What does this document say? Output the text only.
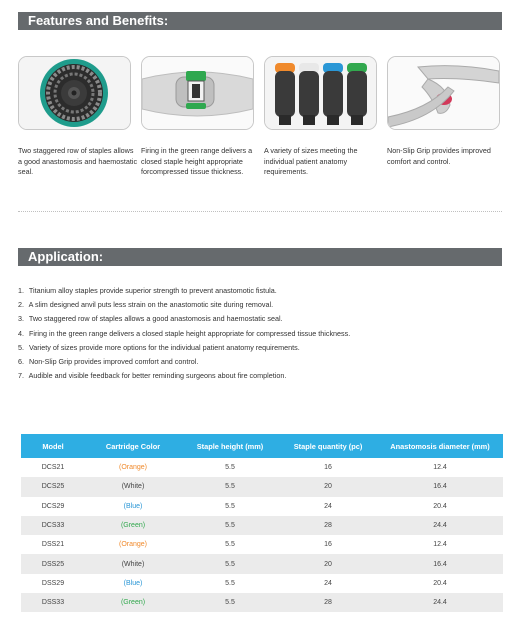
Features and Benefits:
Two staggered row of staples allows a good anastomosis and haemostatic seal.
Firing in the green range delivers a closed staple height appropriate forcompressed tissue thickness.
A variety of sizes meeting the individual patient anatomy requirements.
Non-Slip Grip provides improved comfort and control.
Application:
1. Titanium alloy staples provide superior strength to prevent anastomotic fistula.
2. A slim designed anvil puts less strain on the anastomotic site during removal.
3. Two staggered row of staples allows a good anastomosis and haemostatic seal.
4. Firing in the green range delivers a closed staple height appropriate for compressed tissue thickness.
5. Variety of sizes provide more options for the individual patient anatomy requirements.
6. Non-Slip Grip provides improved comfort and control.
7. Audible and visible feedback for better reminding surgeons about fire completion.
Model	Cartridge Color	Staple height (mm)	Staple quantity (pc)	Anastomosis diameter (mm)
DCS21	(Orange)	5.5	16	12.4
DCS25	(White)	5.5	20	16.4
DCS29	(Blue)	5.5	24	20.4
DCS33	(Green)	5.5	28	24.4
DSS21	(Orange)	5.5	16	12.4
DSS25	(White)	5.5	20	16.4
DSS29	(Blue)	5.5	24	20.4
DSS33	(Green)	5.5	28	24.4
